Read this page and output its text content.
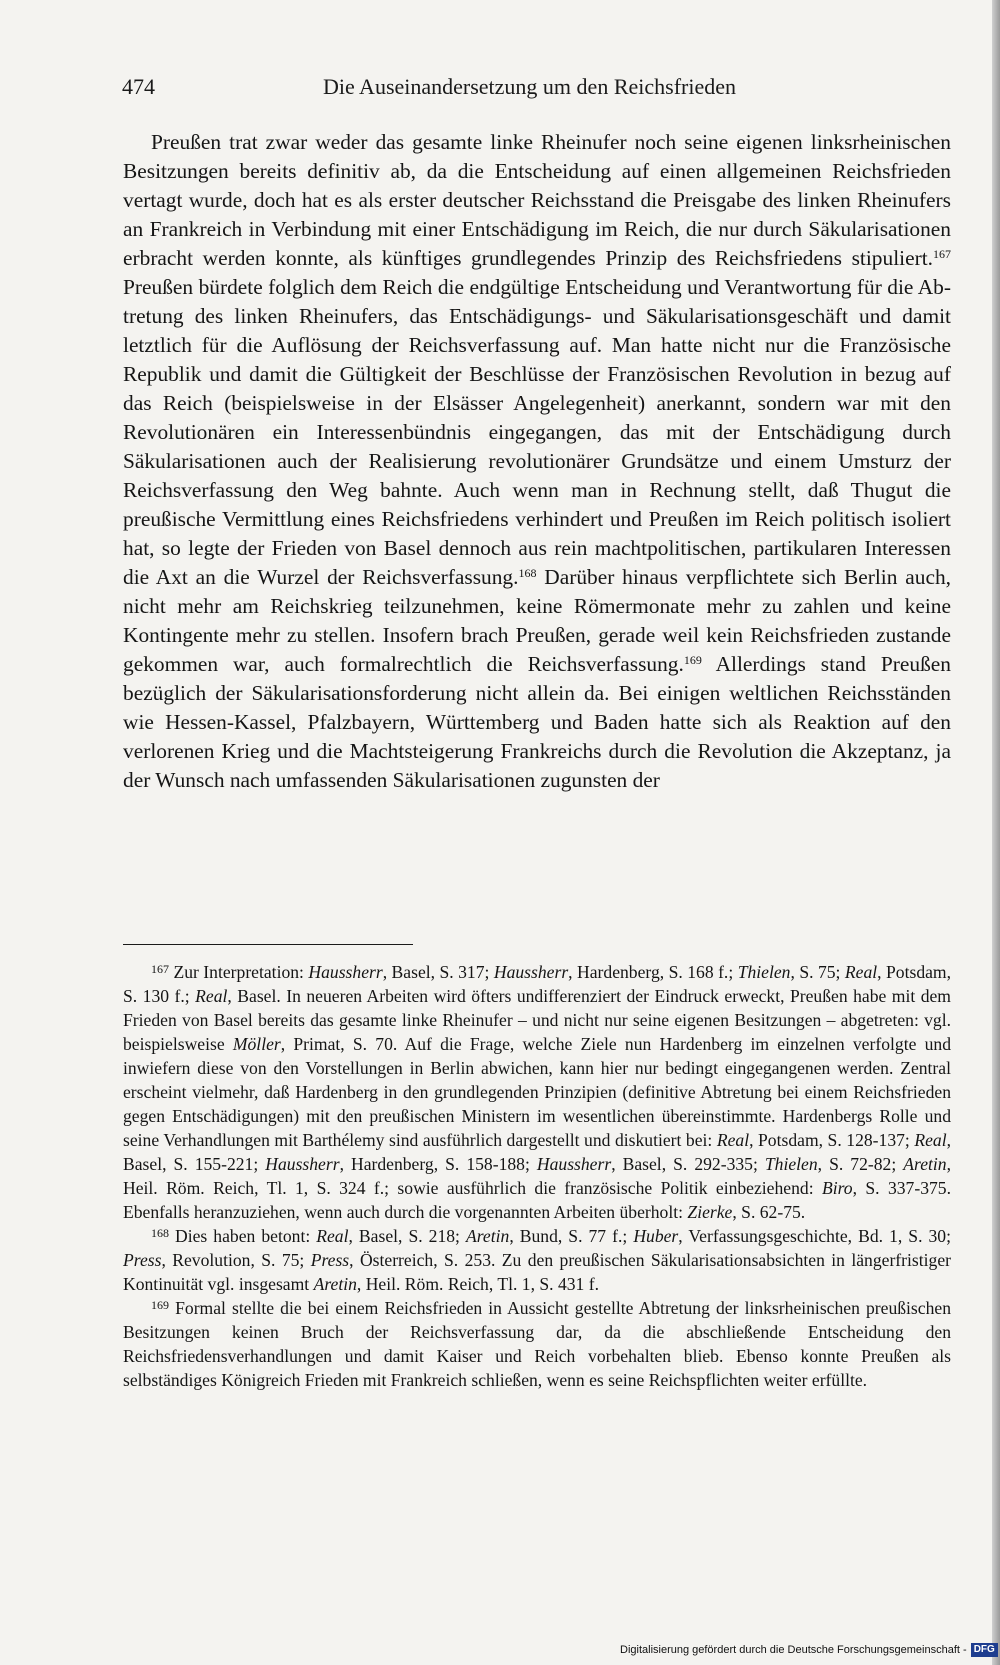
474	Die Auseinandersetzung um den Reichsfrieden

Preußen trat zwar weder das gesamte linke Rheinufer noch seine eigenen linksrheinischen Besitzungen bereits definitiv ab, da die Entscheidung auf einen allgemeinen Reichsfrieden vertagt wurde, doch hat es als erster deutscher Reichsstand die Preisgabe des linken Rheinufers an Frankreich in Verbindung mit einer Entschädigung im Reich, die nur durch Säkularisationen erbracht werden konnte, als künftiges grundlegendes Prinzip des Reichsfriedens stipuliert.$^{167}$ Preußen bürdete folglich dem Reich die endgültige Entscheidung und Verantwortung für die Abtretung des linken Rheinufers, das Entschädigungs- und Säkularisationsgeschäft und damit letztlich für die Auflösung der Reichsverfassung auf. Man hatte nicht nur die Französische Republik und damit die Gültigkeit der Beschlüsse der Französischen Revolution in bezug auf das Reich (beispielsweise in der Elsässer Angelegenheit) anerkannt, sondern war mit den Revolutionären ein Interessenbündnis eingegangen, das mit der Entschädigung durch Säkularisationen auch der Realisierung revolutionärer Grundsätze und einem Umsturz der Reichsverfassung den Weg bahnte. Auch wenn man in Rechnung stellt, daß Thugut die preußische Vermittlung eines Reichsfriedens verhindert und Preußen im Reich politisch isoliert hat, so legte der Frieden von Basel dennoch aus rein machtpolitischen, partikularen Interessen die Axt an die Wurzel der Reichsverfassung.$^{168}$ Darüber hinaus verpflichtete sich Berlin auch, nicht mehr am Reichskrieg teilzunehmen, keine Römermonate mehr zu zahlen und keine Kontingente mehr zu stellen. Insofern brach Preußen, gerade weil kein Reichsfrieden zustande gekommen war, auch formalrechtlich die Reichsverfassung.$^{169}$ Allerdings stand Preußen bezüglich der Säkularisationsforderung nicht allein da. Bei einigen weltlichen Reichsständen wie Hessen-Kassel, Pfalzbayern, Württemberg und Baden hatte sich als Reaktion auf den verlorenen Krieg und die Machtsteigerung Frankreichs durch die Revolution die Akzeptanz, ja der Wunsch nach umfassenden Säkularisationen zugunsten der

$^{167}$ Zur Interpretation: Haussherr, Basel, S. 317; Haussherr, Hardenberg, S. 168 f.; Thielen, S. 75; Real, Potsdam, S. 130 f.; Real, Basel. In neueren Arbeiten wird öfters undifferenziert der Eindruck erweckt, Preußen habe mit dem Frieden von Basel bereits das gesamte linke Rheinufer – und nicht nur seine eigenen Besitzungen – abgetreten: vgl. beispielsweise Möller, Primat, S. 70. Auf die Frage, welche Ziele nun Hardenberg im einzelnen verfolgte und inwiefern diese von den Vorstellungen in Berlin abwichen, kann hier nur bedingt eingegangenen werden. Zentral erscheint vielmehr, daß Hardenberg in den grundlegenden Prinzipien (definitive Abtretung bei einem Reichsfrieden gegen Entschädigungen) mit den preußischen Ministern im wesentlichen übereinstimmte. Hardenbergs Rolle und seine Verhandlungen mit Barthélemy sind ausführlich dargestellt und diskutiert bei: Real, Potsdam, S. 128-137; Real, Basel, S. 155-221; Haussherr, Hardenberg, S. 158-188; Haussherr, Basel, S. 292-335; Thielen, S. 72-82; Aretin, Heil. Röm. Reich, Tl. 1, S. 324 f.; sowie ausführlich die französische Politik einbeziehend: Biro, S. 337-375. Ebenfalls heranzuziehen, wenn auch durch die vorgenannten Arbeiten überholt: Zierke, S. 62-75.

$^{168}$ Dies haben betont: Real, Basel, S. 218; Aretin, Bund, S. 77 f.; Huber, Verfassungsgeschichte, Bd. 1, S. 30; Press, Revolution, S. 75; Press, Österreich, S. 253. Zu den preußischen Säkularisationsabsichten in längerfristiger Kontinuität vgl. insgesamt Aretin, Heil. Röm. Reich, Tl. 1, S. 431 f.

$^{169}$ Formal stellte die bei einem Reichsfrieden in Aussicht gestellte Abtretung der linksrheinischen preußischen Besitzungen keinen Bruch der Reichsverfassung dar, da die abschließende Entscheidung den Reichsfriedensverhandlungen und damit Kaiser und Reich vorbehalten blieb. Ebenso konnte Preußen als selbständiges Königreich Frieden mit Frankreich schließen, wenn es seine Reichspflichten weiter erfüllte.

Digitalisierung gefördert durch die Deutsche Forschungsgemeinschaft - DFG
